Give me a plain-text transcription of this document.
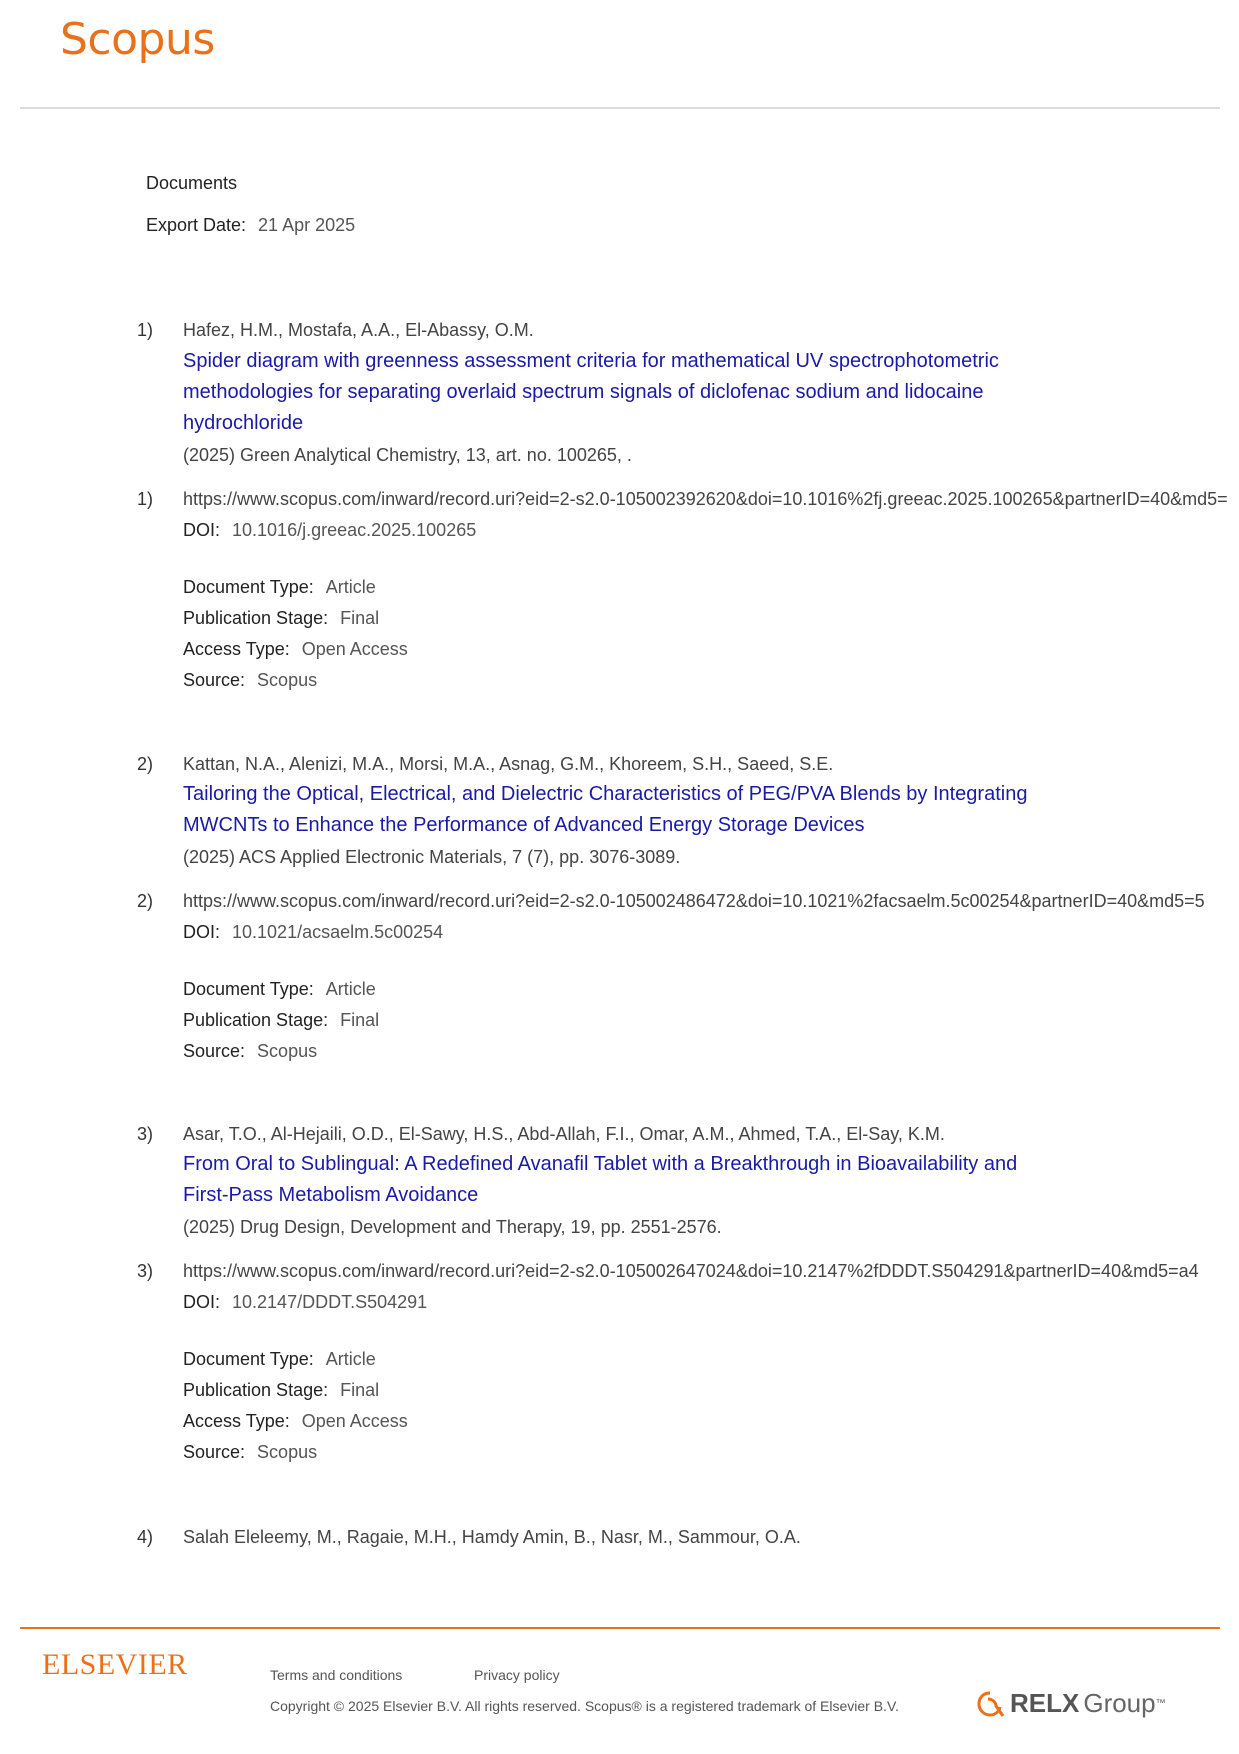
Scopus
Documents
Export Date: 21 Apr 2025
1) Hafez, H.M., Mostafa, A.A., El-Abassy, O.M.
Spider diagram with greenness assessment criteria for mathematical UV spectrophotometric
methodologies for separating overlaid spectrum signals of diclofenac sodium and lidocaine
hydrochloride
(2025) Green Analytical Chemistry, 13, art. no. 100265, .
1) https://www.scopus.com/inward/record.uri?eid=2-s2.0-105002392620&doi=10.1016%2fj.greeac.2025.100265&partnerID=40&md5=
DOI: 10.1016/j.greeac.2025.100265
Document Type: Article
Publication Stage: Final
Access Type: Open Access
Source: Scopus
2) Kattan, N.A., Alenizi, M.A., Morsi, M.A., Asnag, G.M., Khoreem, S.H., Saeed, S.E.
Tailoring the Optical, Electrical, and Dielectric Characteristics of PEG/PVA Blends by Integrating
MWCNTs to Enhance the Performance of Advanced Energy Storage Devices
(2025) ACS Applied Electronic Materials, 7 (7), pp. 3076-3089.
2) https://www.scopus.com/inward/record.uri?eid=2-s2.0-105002486472&doi=10.1021%2facsaelm.5c00254&partnerID=40&md5=5
DOI: 10.1021/acsaelm.5c00254
Document Type: Article
Publication Stage: Final
Source: Scopus
3) Asar, T.O., Al-Hejaili, O.D., El-Sawy, H.S., Abd-Allah, F.I., Omar, A.M., Ahmed, T.A., El-Say, K.M.
From Oral to Sublingual: A Redefined Avanafil Tablet with a Breakthrough in Bioavailability and
First-Pass Metabolism Avoidance
(2025) Drug Design, Development and Therapy, 19, pp. 2551-2576.
3) https://www.scopus.com/inward/record.uri?eid=2-s2.0-105002647024&doi=10.2147%2fDDDT.S504291&partnerID=40&md5=a4
DOI: 10.2147/DDDT.S504291
Document Type: Article
Publication Stage: Final
Access Type: Open Access
Source: Scopus
4) Salah Eleleemy, M., Ragaie, M.H., Hamdy Amin, B., Nasr, M., Sammour, O.A.
ELSEVIER	Terms and conditions	Privacy policy
Copyright © 2025 Elsevier B.V. All rights reserved. Scopus® is a registered trademark of Elsevier B.V.	RELX Group ™
